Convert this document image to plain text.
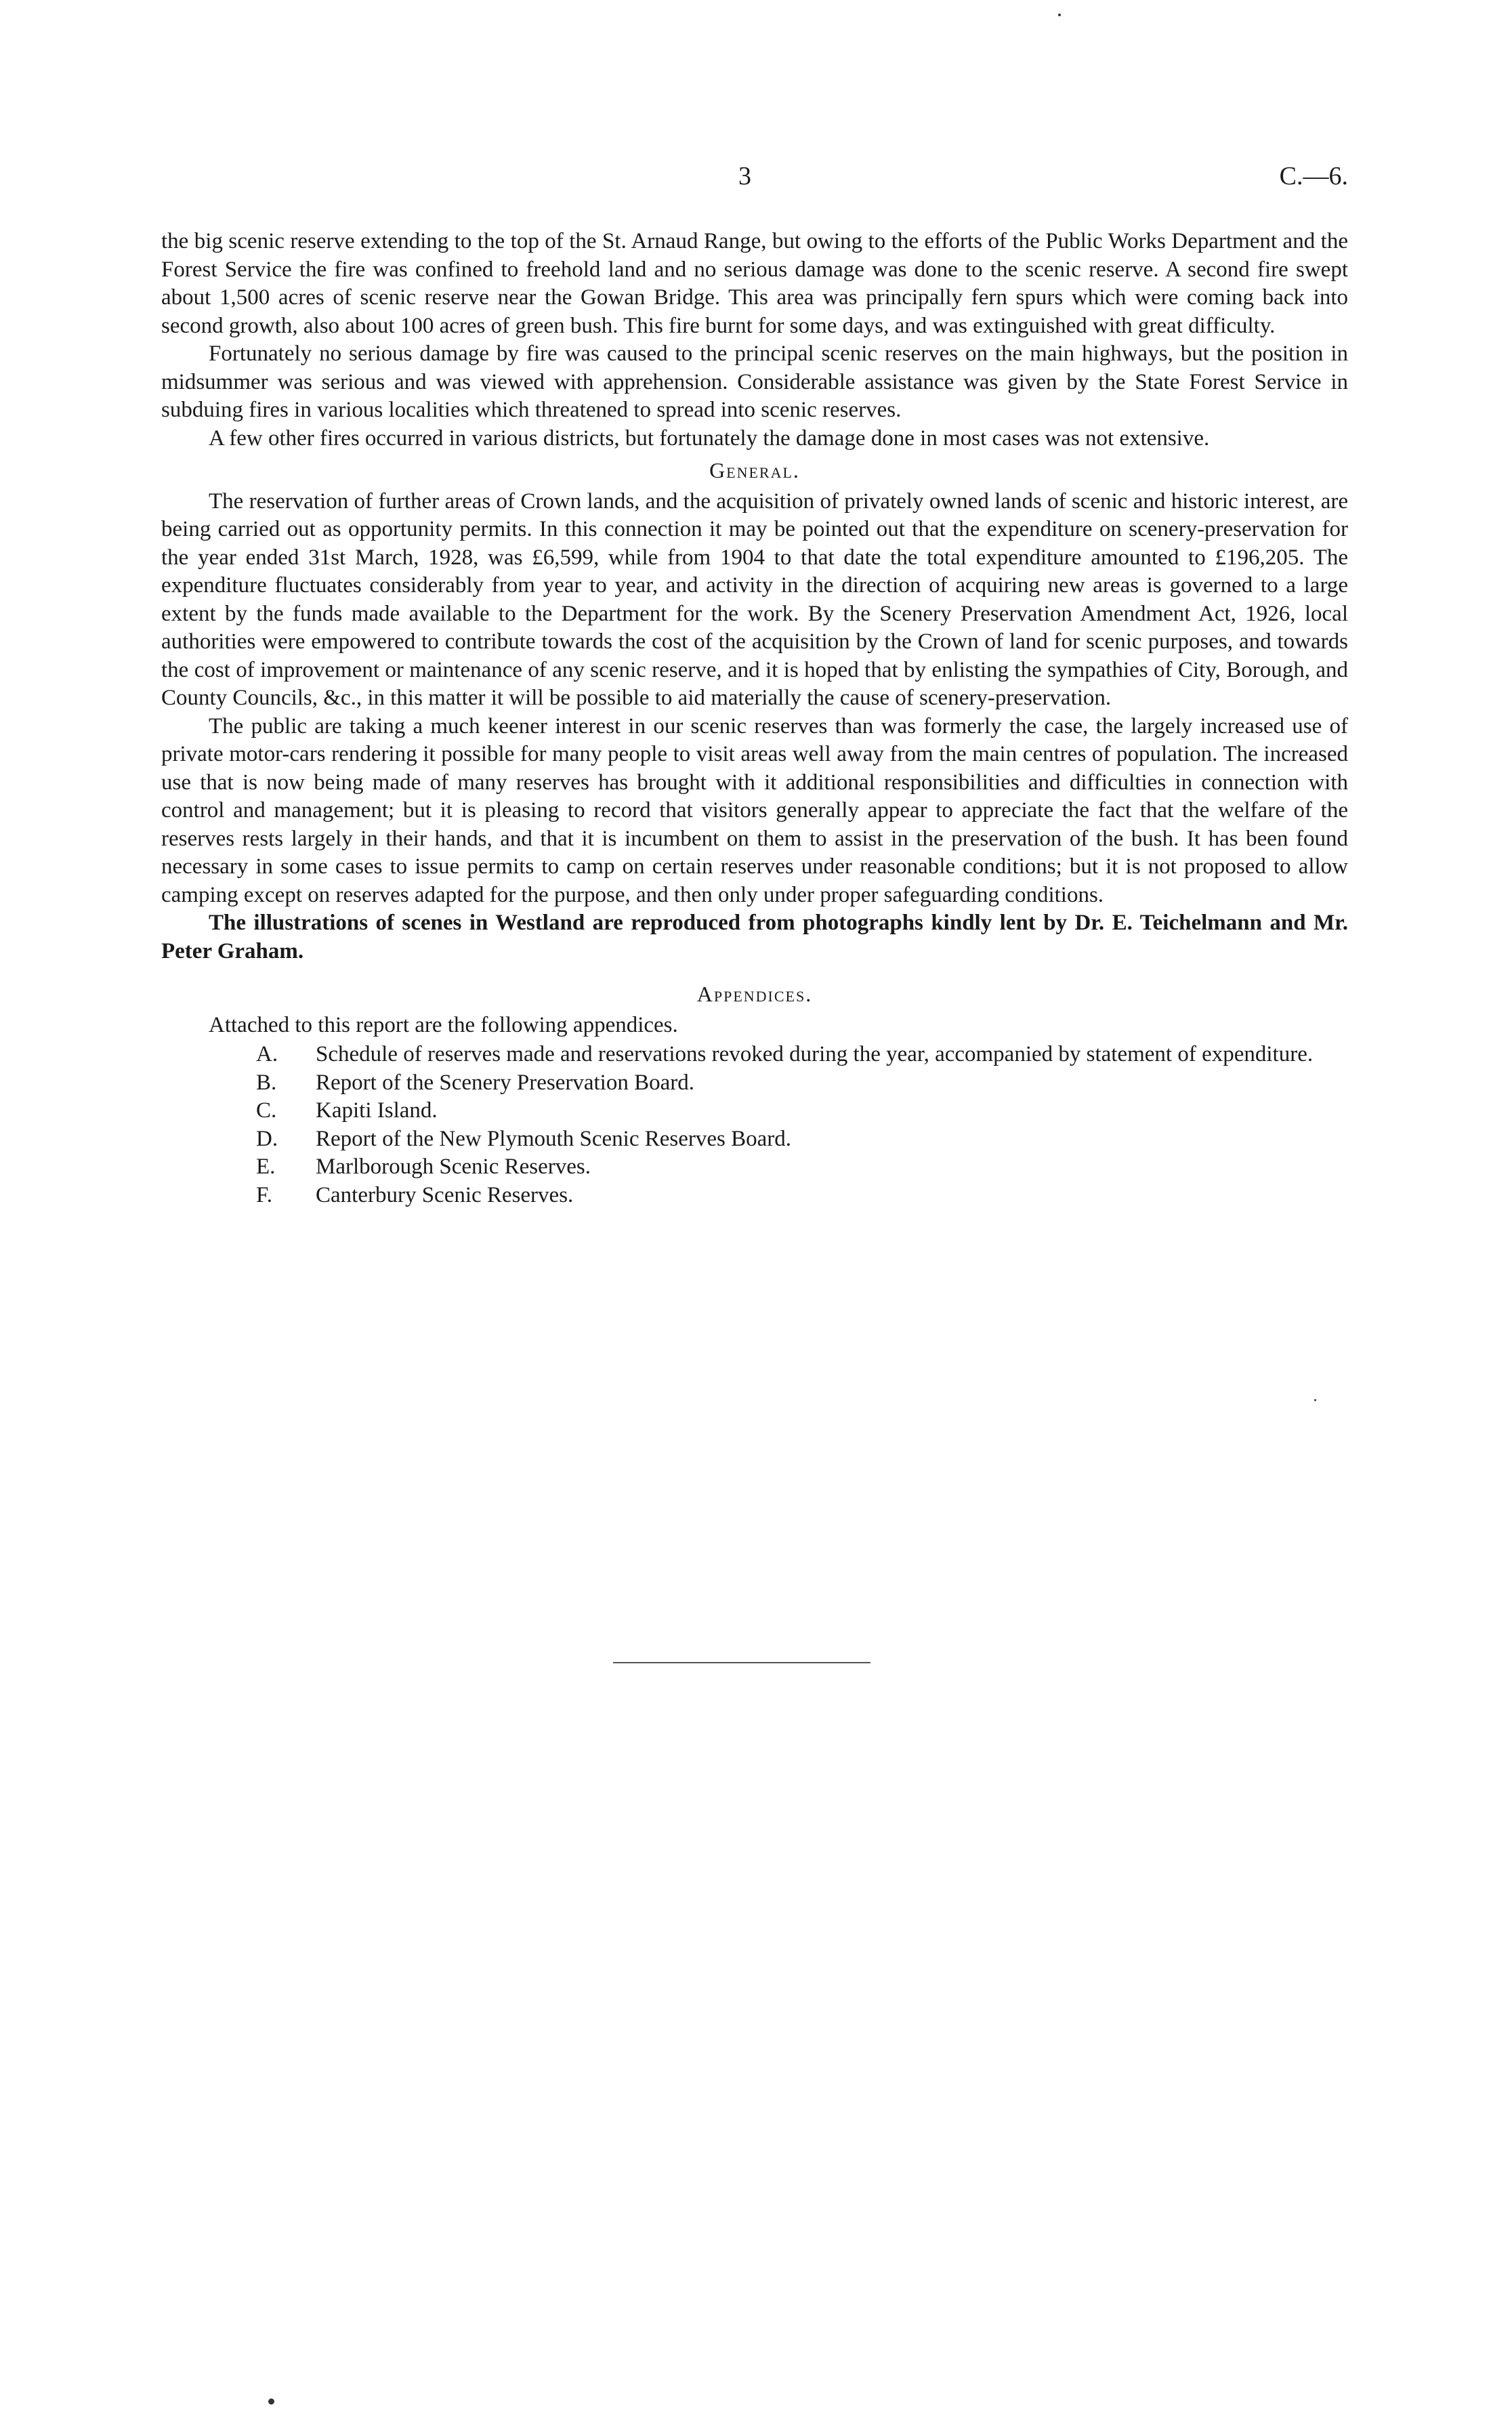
3	C.—6.

the big scenic reserve extending to the top of the St. Arnaud Range, but owing to the efforts of the Public Works Department and the Forest Service the fire was confined to freehold land and no serious damage was done to the scenic reserve. A second fire swept about 1,500 acres of scenic reserve near the Gowan Bridge. This area was principally fern spurs which were coming back into second growth, also about 100 acres of green bush. This fire burnt for some days, and was extinguished with great difficulty.

Fortunately no serious damage by fire was caused to the principal scenic reserves on the main highways, but the position in midsummer was serious and was viewed with apprehension. Considerable assistance was given by the State Forest Service in subduing fires in various localities which threatened to spread into scenic reserves.

A few other fires occurred in various districts, but fortunately the damage done in most cases was not extensive.

General.

The reservation of further areas of Crown lands, and the acquisition of privately owned lands of scenic and historic interest, are being carried out as opportunity permits. In this connection it may be pointed out that the expenditure on scenery-preservation for the year ended 31st March, 1928, was £6,599, while from 1904 to that date the total expenditure amounted to £196,205. The expenditure fluctuates considerably from year to year, and activity in the direction of acquiring new areas is governed to a large extent by the funds made available to the Department for the work. By the Scenery Preservation Amendment Act, 1926, local authorities were empowered to contribute towards the cost of the acquisition by the Crown of land for scenic purposes, and towards the cost of improvement or maintenance of any scenic reserve, and it is hoped that by enlisting the sympathies of City, Borough, and County Councils, &c., in this matter it will be possible to aid materially the cause of scenery-preservation.

The public are taking a much keener interest in our scenic reserves than was formerly the case, the largely increased use of private motor-cars rendering it possible for many people to visit areas well away from the main centres of population. The increased use that is now being made of many reserves has brought with it additional responsibilities and difficulties in connection with control and management; but it is pleasing to record that visitors generally appear to appreciate the fact that the welfare of the reserves rests largely in their hands, and that it is incumbent on them to assist in the preservation of the bush. It has been found necessary in some cases to issue permits to camp on certain reserves under reasonable conditions; but it is not proposed to allow camping except on reserves adapted for the purpose, and then only under proper safeguarding conditions.

The illustrations of scenes in Westland are reproduced from photographs kindly lent by Dr. E. Teichelmann and Mr. Peter Graham.

Appendices.

Attached to this report are the following appendices.

A. Schedule of reserves made and reservations revoked during the year, accompanied by statement of expenditure.
B. Report of the Scenery Preservation Board.
C. Kapiti Island.
D. Report of the New Plymouth Scenic Reserves Board.
E. Marlborough Scenic Reserves.
F. Canterbury Scenic Reserves.
